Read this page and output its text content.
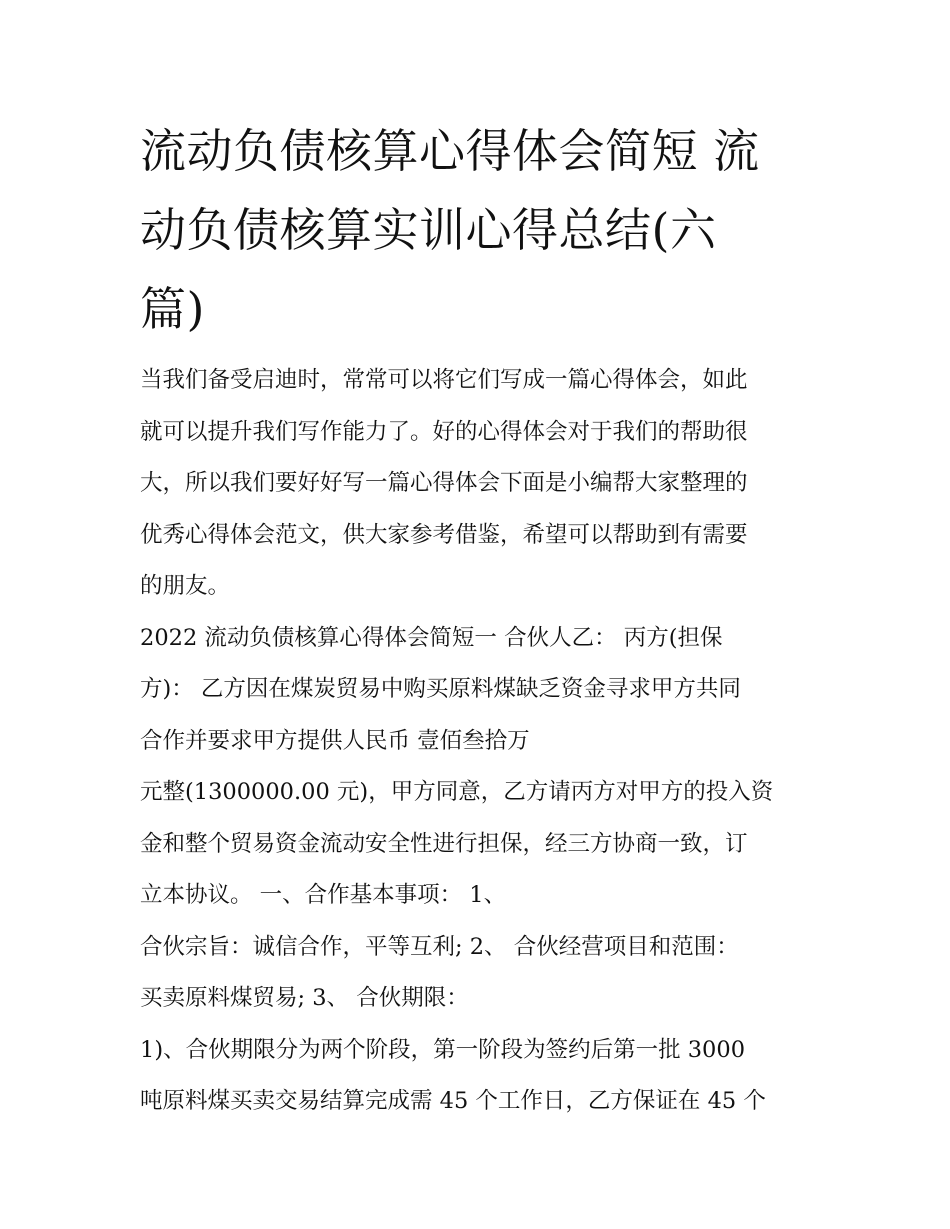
流动负债核算心得体会简短 流
动负债核算实训心得总结(六
篇)
当我们备受启迪时，常常可以将它们写成一篇心得体会，如此
就可以提升我们写作能力了。好的心得体会对于我们的帮助很
大，所以我们要好好写一篇心得体会下面是小编帮大家整理的
优秀心得体会范文，供大家参考借鉴，希望可以帮助到有需要
的朋友。
2022 流动负债核算心得体会简短一 合伙人乙： 丙方(担保
方)： 乙方因在煤炭贸易中购买原料煤缺乏资金寻求甲方共同
合作并要求甲方提供人民币 壹佰叁拾万
元整(1300000.00 元)，甲方同意，乙方请丙方对甲方的投入资
金和整个贸易资金流动安全性进行担保，经三方协商一致，订
立本协议。 一、合作基本事项： 1、
合伙宗旨：诚信合作，平等互利; 2、 合伙经营项目和范围：
买卖原料煤贸易; 3、 合伙期限：
1)、合伙期限分为两个阶段，第一阶段为签约后第一批 3000
吨原料煤买卖交易结算完成需 45 个工作日，乙方保证在 45 个
